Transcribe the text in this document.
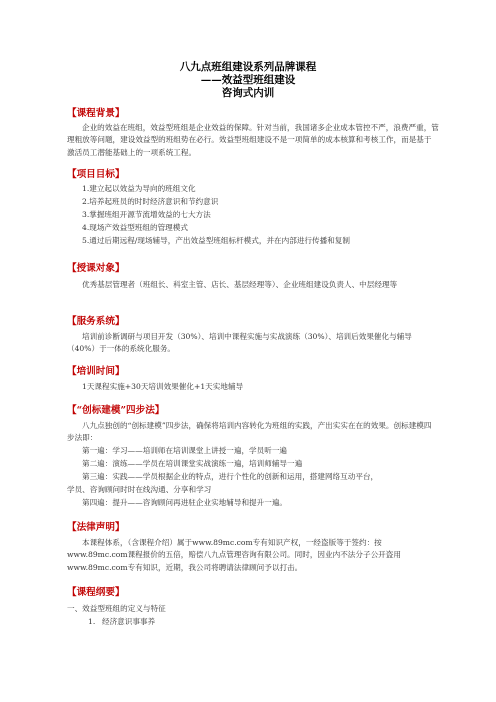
八九点班组建设系列品牌课程
——效益型班组建设
咨询式内训
【课程背景】

企业的效益在班组，效益型班组是企业效益的保障。针对当前，我国诸多企业成本管控不严，浪费严重，管理粗放等问题，建设效益型的班组势在必行。效益型班组建设不是一项简单的成本核算和考核工作，而是基于激活员工潜能基础上的一项系统工程。

【项目目标】
1.建立起以效益为导向的班组文化
2.培养起班员的时时经济意识和节约意识
3.掌握班组开源节流增效益的七大方法
4.现场产效益型班组的管理模式
5.通过后期远程/现场辅导，产出效益型班组标杆模式，并在内部进行传播和复制
【授课对象】

优秀基层管理者（班组长、科室主管、店长、基层经理等）、企业班组建设负责人、中层经理等

【服务系统】

培训前诊断调研与项目开发（30%）、培训中课程实施与实战演练（30%）、培训后效果催化与辅导（40%）于一体的系统化服务。

【培训时间】

1天课程实施+30天培训效果催化+1天实地辅导

【“创标建模”四步法】

八九点独创的“创标建模”四步法，确保将培训内容转化为班组的实践，产出实实在在的效果。创标建模四步法即：

第一遍：学习——培训师在培训课堂上讲授一遍，学员听一遍
第二遍：演练——学员在培训课堂实战演练一遍，培训师辅导一遍
第三遍：实践——学员根据企业的特点，进行个性化的创新和运用，搭建网络互动平台，
学员、咨询顾问时时在线沟通、分享和学习
第四遍：提升——咨询顾问再进驻企业实地辅导和提升一遍。
【法律声明】

本课程体系，（含课程介绍）属于www.89mc.com专有知识产权，一经盗版等于签约：按www.89mc.com课程报价的五倍，赔偿八九点管理咨询有限公司。同时，因业内不法分子公开盗用www.89mc.com专有知识，近期，我公司将聘请法律顾问予以打击。

【课程纲要】
一、效益型班组的定义与特征
1. 经济意识事事养
